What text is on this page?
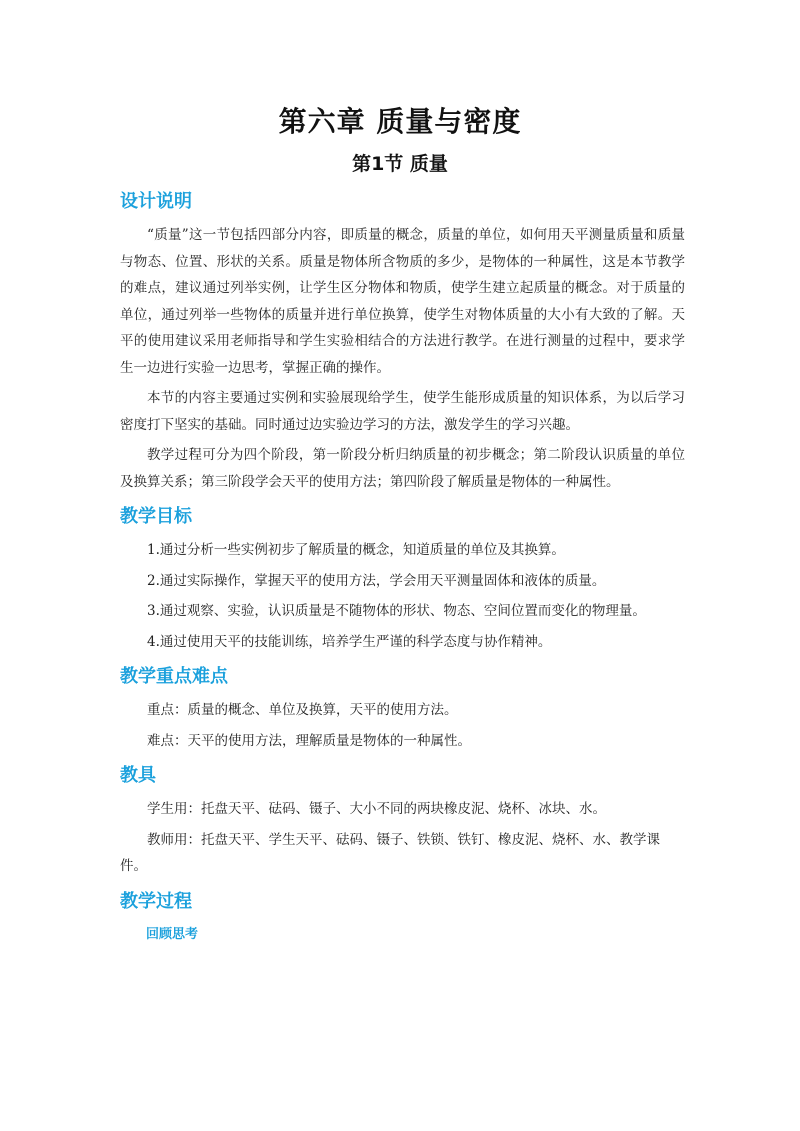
第六章 质量与密度
第1节 质量
设计说明

“质量”这一节包括四部分内容，即质量的概念，质量的单位，如何用天平测量质量和质量与物态、位置、形状的关系。质量是物体所含物质的多少，是物体的一种属性，这是本节教学的难点，建议通过列举实例，让学生区分物体和物质，使学生建立起质量的概念。对于质量的单位，通过列举一些物体的质量并进行单位换算，使学生对物体质量的大小有大致的了解。天平的使用建议采用老师指导和学生实验相结合的方法进行教学。在进行测量的过程中，要求学生一边进行实验一边思考，掌握正确的操作。

本节的内容主要通过实例和实验展现给学生，使学生能形成质量的知识体系，为以后学习密度打下坚实的基础。同时通过边实验边学习的方法，激发学生的学习兴趣。

教学过程可分为四个阶段，第一阶段分析归纳质量的初步概念；第二阶段认识质量的单位及换算关系；第三阶段学会天平的使用方法；第四阶段了解质量是物体的一种属性。

教学目标

1.通过分析一些实例初步了解质量的概念，知道质量的单位及其换算。

2.通过实际操作，掌握天平的使用方法，学会用天平测量固体和液体的质量。

3.通过观察、实验，认识质量是不随物体的形状、物态、空间位置而变化的物理量。

4.通过使用天平的技能训练，培养学生严谨的科学态度与协作精神。

教学重点难点

重点：质量的概念、单位及换算，天平的使用方法。

难点：天平的使用方法，理解质量是物体的一种属性。

教具

学生用：托盘天平、砝码、镊子、大小不同的两块橡皮泥、烧杯、冰块、水。

教师用：托盘天平、学生天平、砝码、镊子、铁锁、铁钉、橡皮泥、烧杯、水、教学课件。

教学过程
回顾思考
